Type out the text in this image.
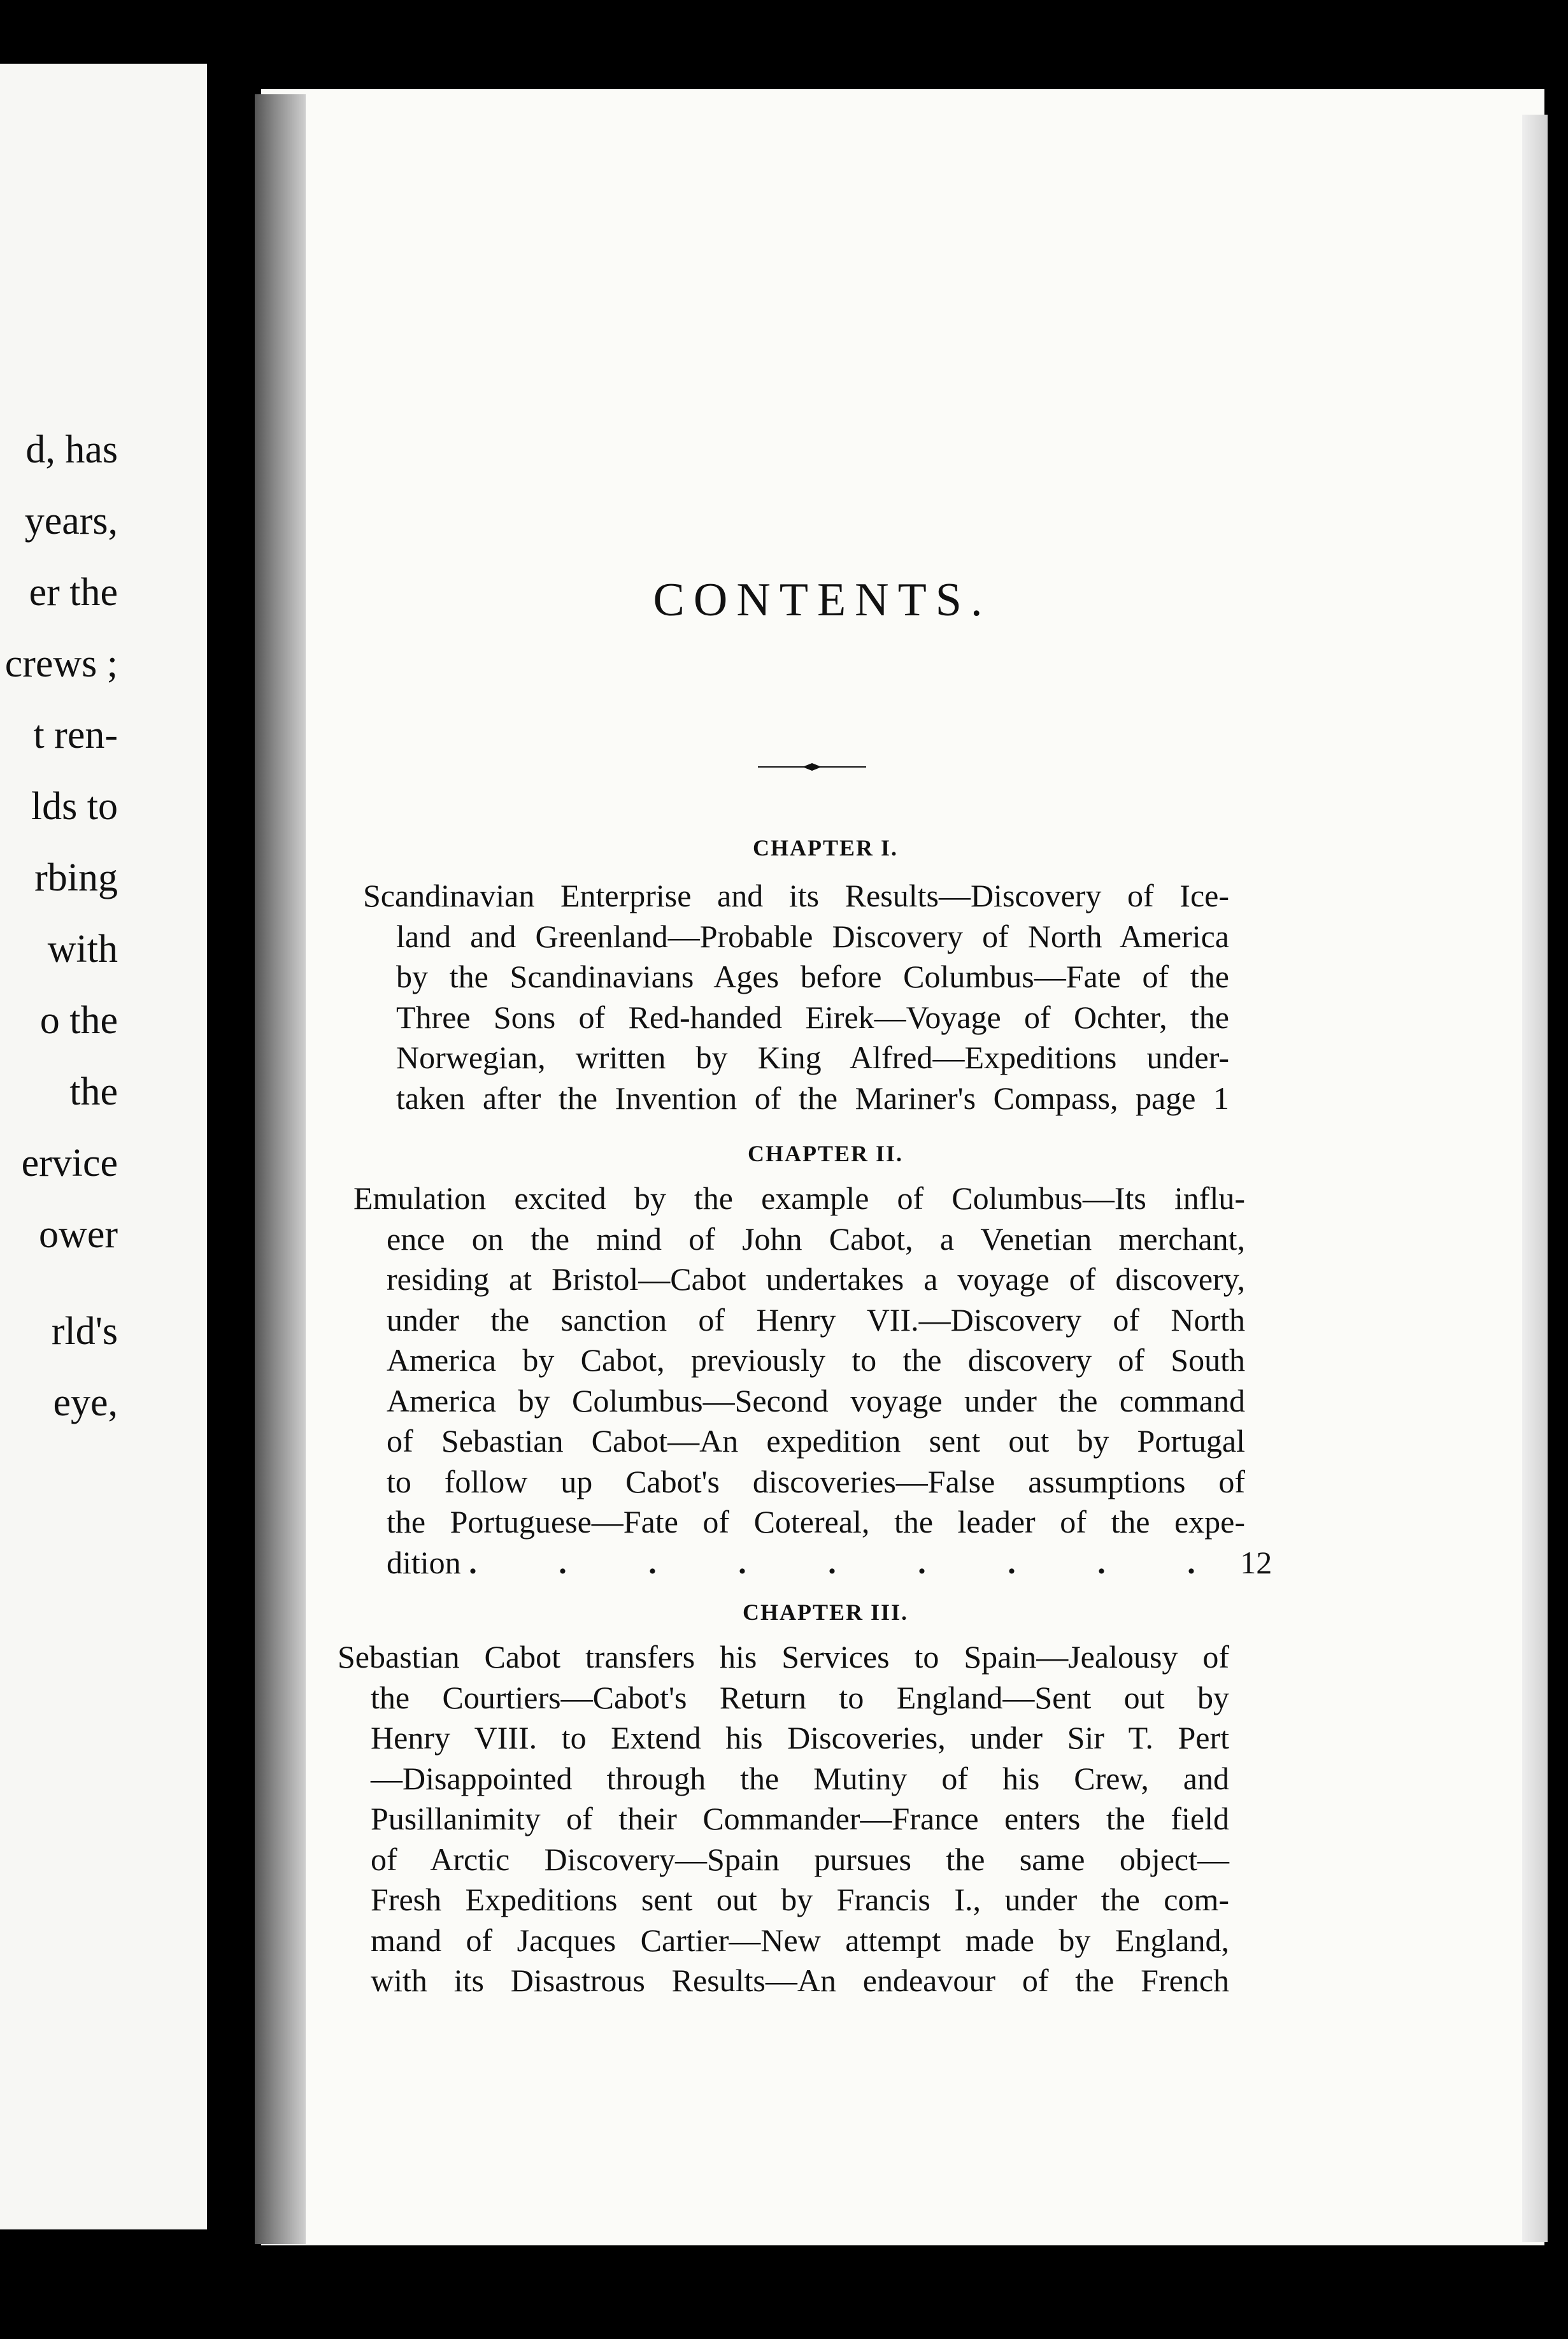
d, has
years,
er the
crews ;
t ren-
lds to
rbing
with
o the
the
ervice
ower
rld's
eye,
CONTENTS.
CHAPTER I.
Scandinavian Enterprise and its Results—Discovery of Ice-
land and Greenland—Probable Discovery of North America
by the Scandinavians Ages before Columbus—Fate of the
Three Sons of Red-handed Eirek—Voyage of Ochter, the
Norwegian, written by King Alfred—Expeditions under-
taken after the Invention of the Mariner's Compass, page 1
CHAPTER II.
Emulation excited by the example of Columbus—Its influ-
ence on the mind of John Cabot, a Venetian merchant,
residing at Bristol—Cabot undertakes a voyage of discovery,
under the sanction of Henry VII.—Discovery of North
America by Cabot, previously to the discovery of South
America by Columbus—Second voyage under the command
of Sebastian Cabot—An expedition sent out by Portugal
to follow up Cabot's discoveries—False assumptions of
the Portuguese—Fate of Cotereal, the leader of the expe-
dition . . . . . . . . . 12
CHAPTER III.
Sebastian Cabot transfers his Services to Spain—Jealousy of
the Courtiers—Cabot's Return to England—Sent out by
Henry VIII. to Extend his Discoveries, under Sir T. Pert
—Disappointed through the Mutiny of his Crew, and
Pusillanimity of their Commander—France enters the field
of Arctic Discovery—Spain pursues the same object—
Fresh Expeditions sent out by Francis I., under the com-
mand of Jacques Cartier—New attempt made by England,
with its Disastrous Results—An endeavour of the French
